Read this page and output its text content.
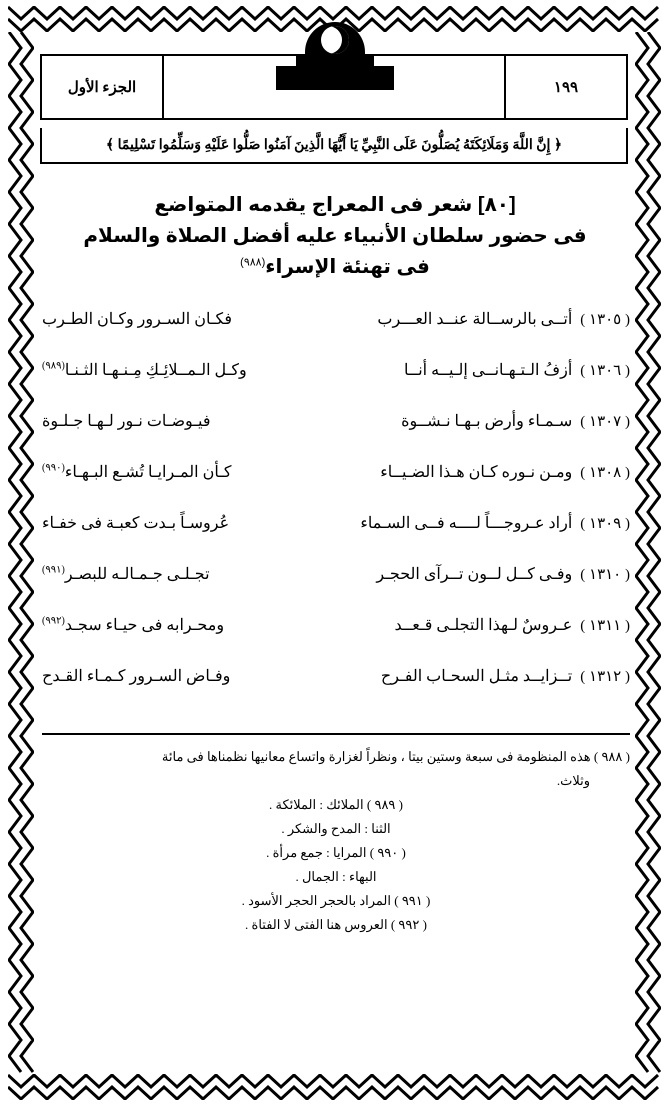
١٩٩
الجزء الأول
﴿ إِنَّ اللَّهَ وَمَلَائِكَتَهُ يُصَلُّونَ عَلَى النَّبِيِّ يَا أَيُّهَا الَّذِينَ آمَنُوا صَلُّوا عَلَيْهِ وَسَلِّمُوا تَسْلِيمًا ﴾
[٨٠] شعر فى المعراج يقدمه المتواضع
فى حضور سلطان الأنبياء عليه أفضل الصلاة والسلام
فى تهنئة الإسراء$^{(٩٨٨)}$
( ١٣٠٥ )
أتــى بالرســالة عنــد العـــرب
فكـان السـرور وكـان الطـرب
( ١٣٠٦ )
أزفُ الـتـهـانــى إلـيــه أنــا
وكـل الـمــلائِـكِ مِـنـهـا الثـنـا$^{(٩٨٩)}$
( ١٣٠٧ )
سـمـاء وأرض بـهـا نـشــوة
فيـوضـات نـور لـهـا جـلـوة
( ١٣٠٨ )
ومـن نـوره كـان هـذا الضـيــاء
كـأن المـرايـا تُشـع البـهـاء$^{(٩٩٠)}$
( ١٣٠٩ )
أراد عـروجـــاً لــــه فــى السـماء
عُروسـاً بـدت كعبـة فى خفـاء
( ١٣١٠ )
وفـى كــل لــون تــرآى الحجـر
تجـلـى جـمـالـه للبصـر$^{(٩٩١)}$
( ١٣١١ )
عـروسٌ لـهذا التجلـى قـعــد
ومحـرابه فى حيـاء سجـد$^{(٩٩٢)}$
( ١٣١٢ )
تــزايــد مثـل السحـاب الفـرح
وفـاض السـرور كـمـاء القـدح
( ٩٨٨ ) هذه المنظومة فى سبعة وستين بيتا ، ونظراً لغزارة واتساع معانيها نظمناها فى مائة
وثلاث.
( ٩٨٩ ) الملائك : الملائكة .
الثنا : المدح والشكر .
( ٩٩٠ ) المرايا : جمع مرأة .
البهاء : الجمال .
( ٩٩١ ) المراد بالحجر الحجر الأسود .
( ٩٩٢ ) العروس هنا الفتى لا الفتاة .
